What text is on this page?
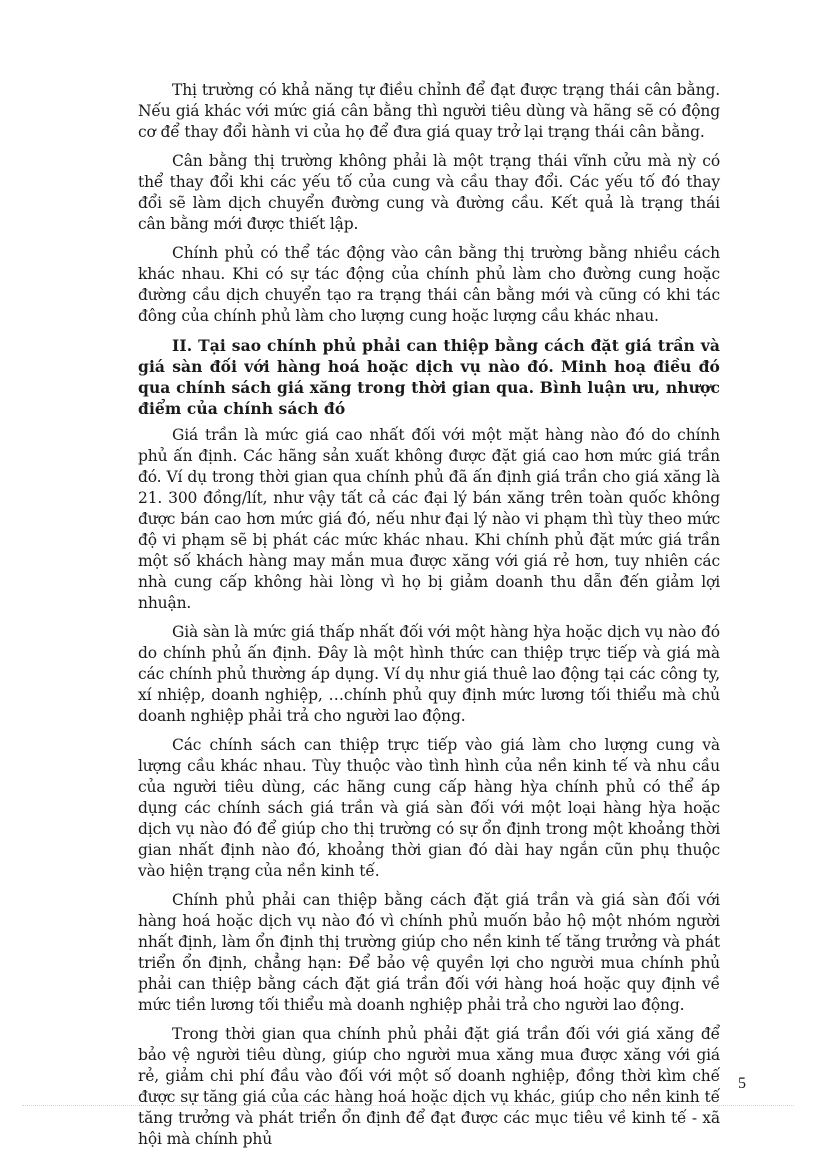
Thị trường có khả năng tự điều chỉnh để đạt được trạng thái cân bằng. Nếu giá khác với mức giá cân bằng thì người tiêu dùng và hãng sẽ có động cơ để thay đổi hành vi của họ để đưa giá quay trở lại trạng thái cân bằng.

Cân bằng thị trường không phải là một trạng thái vĩnh cửu mà nỳ có thể thay đổi khi các yếu tố của cung và cầu thay đổi. Các yếu tố đó thay đổi sẽ làm dịch chuyển đường cung và đường cầu. Kết quả là trạng thái cân bằng mới được thiết lập.

Chính phủ có thể tác động vào cân bằng thị trường bằng nhiều cách khác nhau. Khi có sự tác động của chính phủ làm cho đường cung hoặc đường cầu dịch chuyển tạo ra trạng thái cân bằng mới và cũng có khi tác đông của chính phủ làm cho lượng cung hoặc lượng cầu khác nhau.

II. Tại sao chính phủ phải can thiệp bằng cách đặt giá trần và giá sàn đối với hàng hoá hoặc dịch vụ nào đó. Minh hoạ điều đó qua chính sách giá xăng trong thời gian qua. Bình luận ưu, nhược điểm của chính sách đó

Giá trần là mức giá cao nhất đối với một mặt hàng nào đó do chính phủ ấn định. Các hãng sản xuất không được đặt giá cao hơn mức giá trần đó. Ví dụ trong thời gian qua chính phủ đã ấn định giá trần cho giá xăng là 21. 300 đồng/lít, như vậy tất cả các đại lý bán xăng trên toàn quốc không được bán cao hơn mức giá đó, nếu như đại lý nào vi phạm thì tùy theo mức độ vi phạm sẽ bị phát các mức khác nhau. Khi chính phủ đặt mức giá trần một số khách hàng may mắn mua được xăng với giá rẻ hơn, tuy nhiên các nhà cung cấp không hài lòng vì họ bị giảm doanh thu dẫn đến giảm lợi nhuận.

Già sàn là mức giá thấp nhất đối với một hàng hỳa hoặc dịch vụ nào đó do chính phủ ấn định. Đây là một hình thức can thiệp trực tiếp và giá mà các chính phủ thường áp dụng. Ví dụ như giá thuê lao động tại các công ty, xí nhiệp, doanh nghiệp, …chính phủ quy định mức lương tối thiểu mà chủ doanh nghiệp phải trả cho người lao động.

Các chính sách can thiệp trực tiếp vào giá làm cho lượng cung và lượng cầu khác nhau. Tùy thuộc vào tình hình của nền kinh tế và nhu cầu của người tiêu dùng, các hãng cung cấp hàng hỳa chính phủ có thể áp dụng các chính sách giá trần và giá sàn đối với một loại hàng hỳa hoặc dịch vụ nào đó để giúp cho thị trường có sự ổn định trong một khoảng thời gian nhất định nào đó, khoảng thời gian đó dài hay ngắn cũn phụ thuộc vào hiện trạng của nền kinh tế.

Chính phủ phải can thiệp bằng cách đặt giá trần và giá sàn đối với hàng hoá hoặc dịch vụ nào đó vì chính phủ muốn bảo hộ một nhóm người nhất định, làm ổn định thị trường giúp cho nền kinh tế tăng trưởng và phát triển ổn định, chẳng hạn: Để bảo vệ quyền lợi cho người mua chính phủ phải can thiệp bằng cách đặt giá trần đối với hàng hoá hoặc quy định về mức tiền lương tối thiểu mà doanh nghiệp phải trả cho người lao động.

Trong thời gian qua chính phủ phải đặt giá trần đối với giá xăng để bảo vệ người tiêu dùng, giúp cho người mua xăng mua được xăng với giá rẻ, giảm chi phí đầu vào đối với một số doanh nghiệp, đồng thời kìm chế được sự tăng giá của các hàng hoá hoặc dịch vụ khác, giúp cho nền kinh tế tăng trưởng và phát triển ổn định để đạt được các mục tiêu về kinh tế - xã hội mà chính phủ

5
